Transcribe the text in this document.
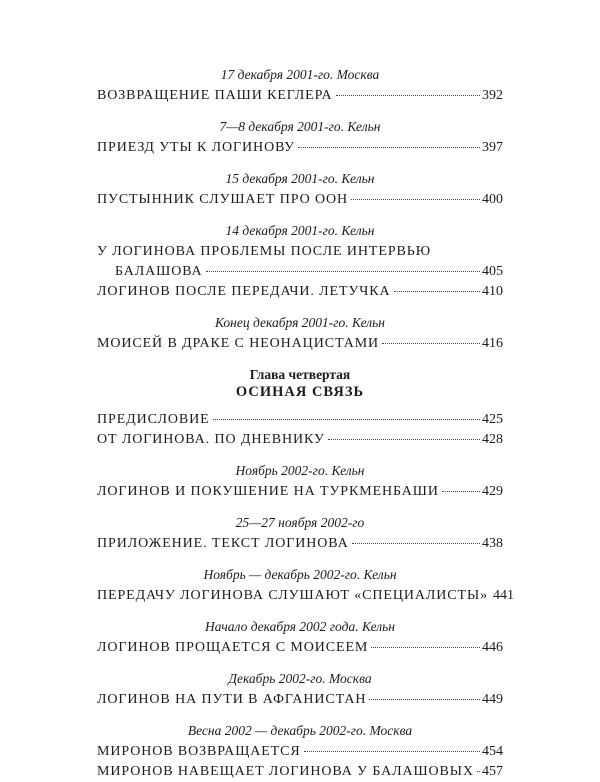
17 декабря 2001-го. Москва
ВОЗВРАЩЕНИЕ ПАШИ КЕГЛЕРА	392
7—8 декабря 2001-го. Кельн
ПРИЕЗД УТЫ К ЛОГИНОВУ	397
15 декабря 2001-го. Кельн
ПУСТЫННИК СЛУШАЕТ ПРО ООН	400
14 декабря 2001-го. Кельн
У ЛОГИНОВА ПРОБЛЕМЫ ПОСЛЕ ИНТЕРВЬЮ
БАЛАШОВА	405
ЛОГИНОВ ПОСЛЕ ПЕРЕДАЧИ. ЛЕТУЧКА	410
Конец декабря 2001-го. Кельн
МОИСЕЙ В ДРАКЕ С НЕОНАЦИСТАМИ	416
Глава четвертая
ОСИНАЯ СВЯЗЬ
ПРЕДИСЛОВИЕ	425
ОТ ЛОГИНОВА. ПО ДНЕВНИКУ	428
Ноябрь 2002-го. Кельн
ЛОГИНОВ И ПОКУШЕНИЕ НА ТУРКМЕНБАШИ	429
25—27 ноября 2002-го
ПРИЛОЖЕНИЕ. ТЕКСТ ЛОГИНОВА	438
Ноябрь — декабрь 2002-го. Кельн
ПЕРЕДАЧУ ЛОГИНОВА СЛУШАЮТ «СПЕЦИАЛИСТЫ» 441
Начало декабря 2002 года. Кельн
ЛОГИНОВ ПРОЩАЕТСЯ С МОИСЕЕМ	446
Декабрь 2002-го. Москва
ЛОГИНОВ НА ПУТИ В АФГАНИСТАН	449
Весна 2002 — декабрь 2002-го. Москва
МИРОНОВ ВОЗВРАЩАЕТСЯ	454
МИРОНОВ НАВЕЩАЕТ ЛОГИНОВА У БАЛАШОВЫХ 457
